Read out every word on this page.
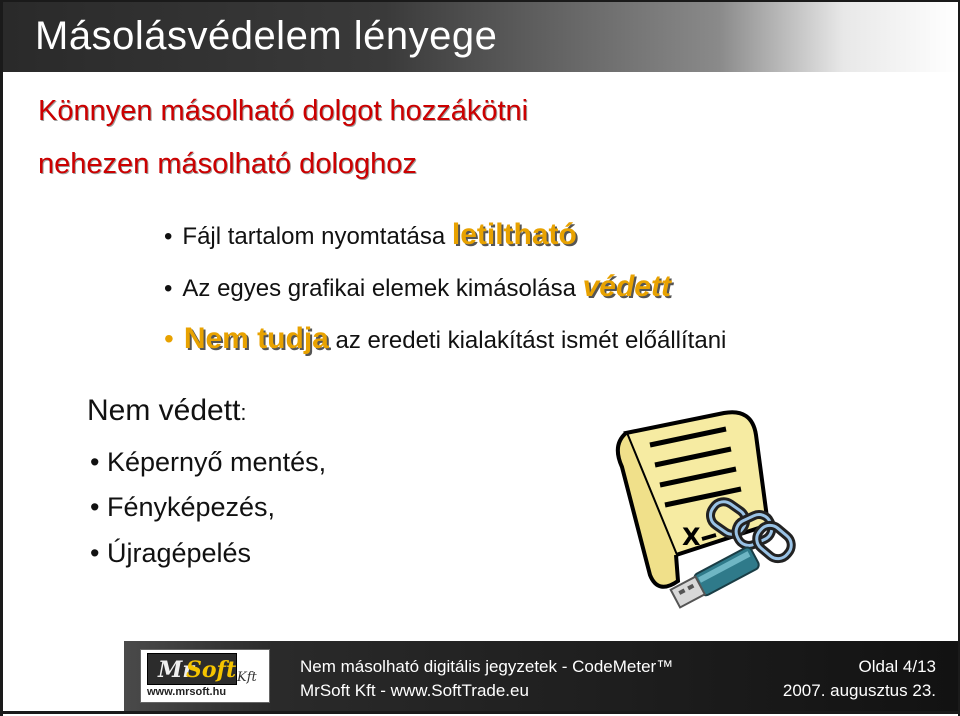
Másolásvédelem lényege
Könnyen másolható dolgot hozzákötni
nehezen másolható dologhoz
• Fájl tartalom nyomtatása letiltható
• Az egyes grafikai elemek kimásolása védett
• Nem tudja az eredeti kialakítást ismét előállítani
Nem védett:
• Képernyő mentés,
• Fényképezés,
• Újragépelés
X
Mr
Soft Kft
www.mrsoft.hu
Nem másolható digitális jegyzetek - CodeMeter™
MrSoft Kft - www.SoftTrade.eu
Oldal 4/13
2007. augusztus 23.
